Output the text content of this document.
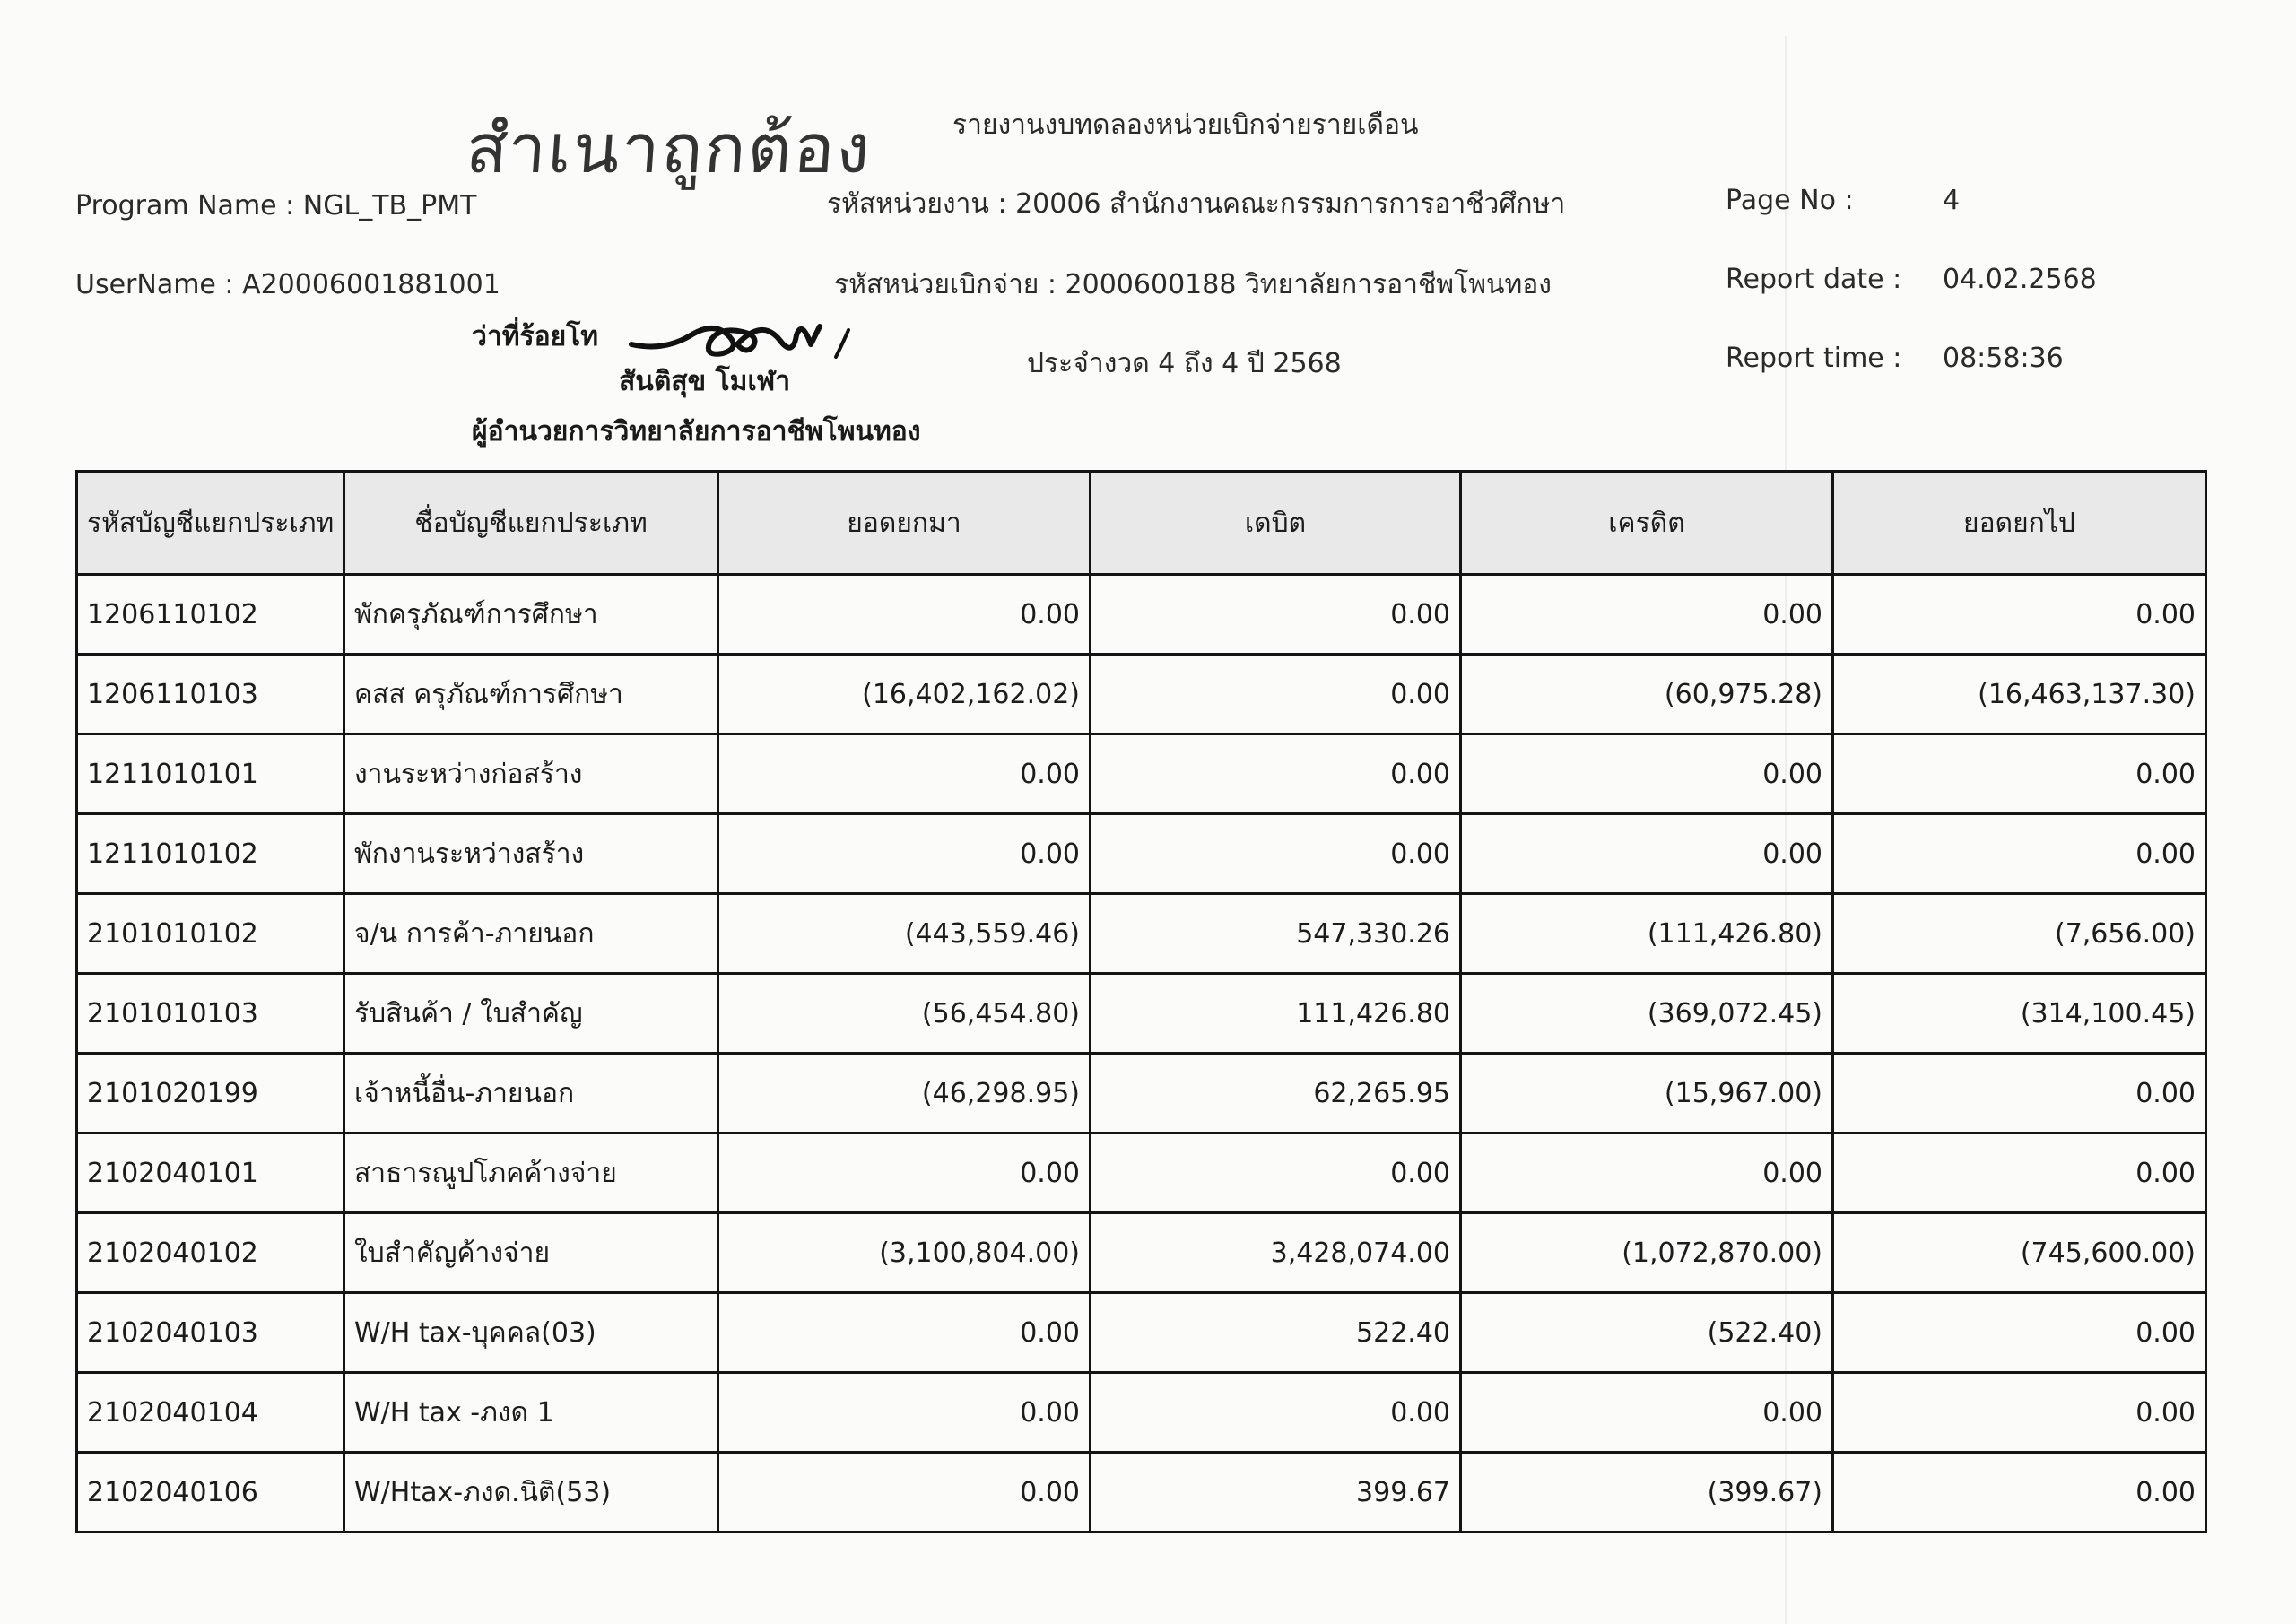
รายงานงบทดลองหน่วยเบิกจ่ายรายเดือน
Program Name : NGL_TB_PMT	รหัสหน่วยงาน : 20006 สำนักงานคณะกรรมการการอาชีวศึกษา
UserName : A20006001881001	รหัสหน่วยเบิกจ่าย : 2000600188 วิทยาลัยการอาชีพโพนทอง
ประจำงวด 4 ถึง 4 ปี 2568
Page No :	4
Report date : 04.02.2568
Report time : 08:58:36
สำเนาถูกต้อง
ว่าที่ร้อยโท
สันติสุข โมเฬา
ผู้อำนวยการวิทยาลัยการอาชีพโพนทอง
รหัสบัญชีแยกประเภท	ชื่อบัญชีแยกประเภท	ยอดยกมา	เดบิต	เครดิต	ยอดยกไป
1206110102	พักครุภัณฑ์การศึกษา	0.00	0.00	0.00	0.00
1206110103	คสส ครุภัณฑ์การศึกษา	(16,402,162.02)	0.00	(60,975.28)	(16,463,137.30)
1211010101	งานระหว่างก่อสร้าง	0.00	0.00	0.00	0.00
1211010102	พักงานระหว่างสร้าง	0.00	0.00	0.00	0.00
2101010102	จ/น การค้า-ภายนอก	(443,559.46)	547,330.26	(111,426.80)	(7,656.00)
2101010103	รับสินค้า / ใบสำคัญ	(56,454.80)	111,426.80	(369,072.45)	(314,100.45)
2101020199	เจ้าหนี้อื่น-ภายนอก	(46,298.95)	62,265.95	(15,967.00)	0.00
2102040101	สาธารณูปโภคค้างจ่าย	0.00	0.00	0.00	0.00
2102040102	ใบสำคัญค้างจ่าย	(3,100,804.00)	3,428,074.00	(1,072,870.00)	(745,600.00)
2102040103	W/H tax-บุคคล(03)	0.00	522.40	(522.40)	0.00
2102040104	W/H tax -ภงด 1	0.00	0.00	0.00	0.00
2102040106	W/Htax-ภงด.นิติ(53)	0.00	399.67	(399.67)	0.00
